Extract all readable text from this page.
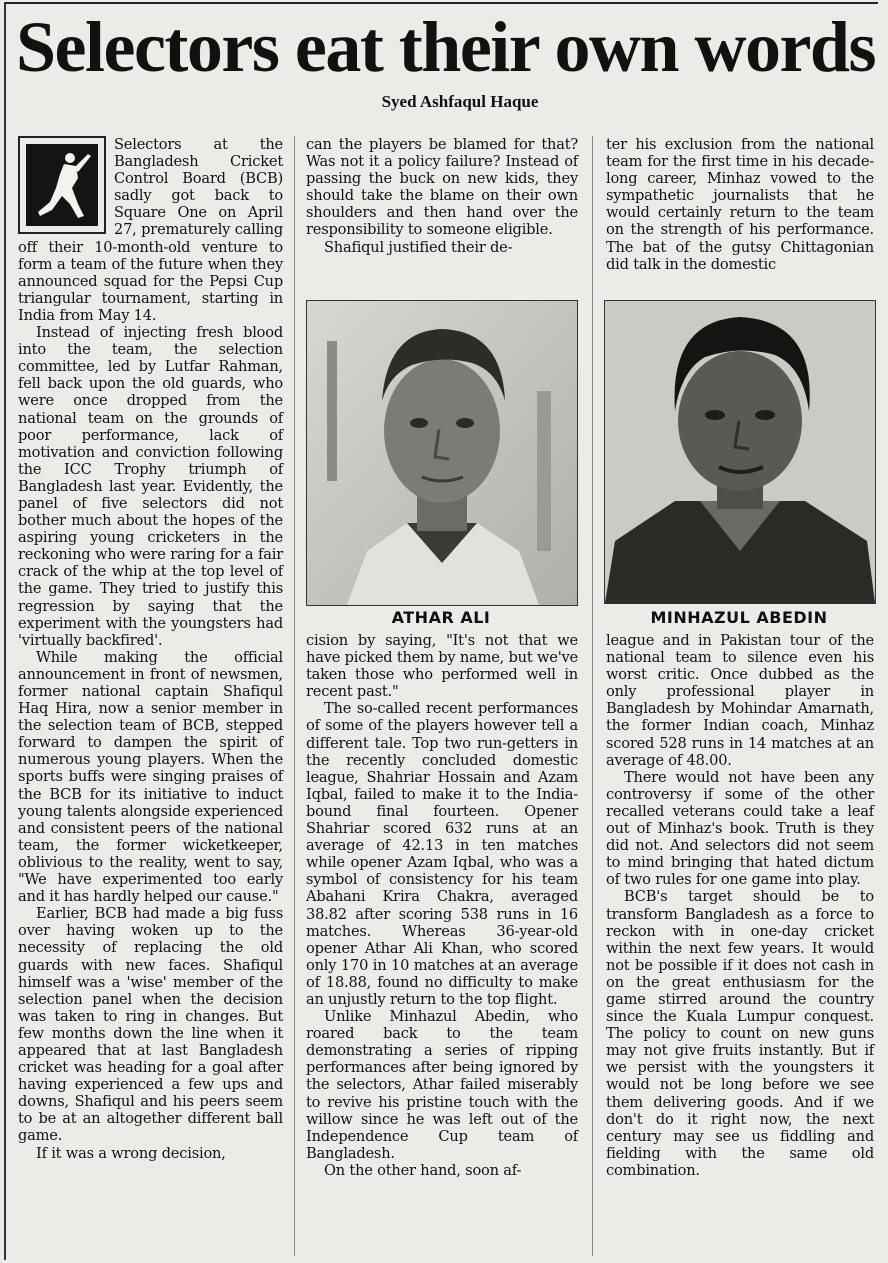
Selectors eat their own words
Syed Ashfaqul Haque

Selectors at the Bangladesh Cricket Control Board (BCB) sadly got back to Square One on April 27, prematurely calling off their 10-month-old venture to form a team of the future when they announced squad for the Pepsi Cup triangular tournament, starting in India from May 14.

Instead of injecting fresh blood into the team, the selection committee, led by Lutfar Rahman, fell back upon the old guards, who were once dropped from the national team on the grounds of poor performance, lack of motivation and conviction following the ICC Trophy triumph of Bangladesh last year. Evidently, the panel of five selectors did not bother much about the hopes of the aspiring young cricketers in the reckoning who were raring for a fair crack of the whip at the top level of the game. They tried to justify this regression by saying that the experiment with the youngsters had 'virtually backfired'.

While making the official announcement in front of newsmen, former national captain Shafiqul Haq Hira, now a senior member in the selection team of BCB, stepped forward to dampen the spirit of numerous young players. When the sports buffs were singing praises of the BCB for its initiative to induct young talents alongside experienced and consistent peers of the national team, the former wicketkeeper, oblivious to the reality, went to say, "We have experimented too early and it has hardly helped our cause."

Earlier, BCB had made a big fuss over having woken up to the necessity of replacing the old guards with new faces. Shafiqul himself was a 'wise' member of the selection panel when the decision was taken to ring in changes. But few months down the line when it appeared that at last Bangladesh cricket was heading for a goal after having experienced a few ups and downs, Shafiqul and his peers seem to be at an altogether different ball game.

If it was a wrong decision,

can the players be blamed for that? Was not it a policy failure? Instead of passing the buck on new kids, they should take the blame on their own shoulders and then hand over the responsibility to someone eligible.

Shafiqul justified their de-

ter his exclusion from the national team for the first time in his decade-long career, Minhaz vowed to the sympathetic journalists that he would certainly return to the team on the strength of his performance. The bat of the gutsy Chittagonian did talk in the domestic

ATHAR ALI	MINHAZUL ABEDIN

cision by saying, "It's not that we have picked them by name, but we've taken those who performed well in recent past."

The so-called recent performances of some of the players however tell a different tale. Top two run-getters in the recently concluded domestic league, Shahriar Hossain and Azam Iqbal, failed to make it to the India-bound final fourteen. Opener Shahriar scored 632 runs at an average of 42.13 in ten matches while opener Azam Iqbal, who was a symbol of consistency for his team Abahani Krira Chakra, averaged 38.82 after scoring 538 runs in 16 matches. Whereas 36-year-old opener Athar Ali Khan, who scored only 170 in 10 matches at an average of 18.88, found no difficulty to make an unjustly return to the top flight.

Unlike Minhazul Abedin, who roared back to the team demonstrating a series of ripping performances after being ignored by the selectors, Athar failed miserably to revive his pristine touch with the willow since he was left out of the Independence Cup team of Bangladesh.

On the other hand, soon af-

league and in Pakistan tour of the national team to silence even his worst critic. Once dubbed as the only professional player in Bangladesh by Mohindar Amarnath, the former Indian coach, Minhaz scored 528 runs in 14 matches at an average of 48.00.

There would not have been any controversy if some of the other recalled veterans could take a leaf out of Minhaz's book. Truth is they did not. And selectors did not seem to mind bringing that hated dictum of two rules for one game into play.

BCB's target should be to transform Bangladesh as a force to reckon with in one-day cricket within the next few years. It would not be possible if it does not cash in on the great enthusiasm for the game stirred around the country since the Kuala Lumpur conquest. The policy to count on new guns may not give fruits instantly. But if we persist with the youngsters it would not be long before we see them delivering goods. And if we don't do it right now, the next century may see us fiddling and fielding with the same old combination.
